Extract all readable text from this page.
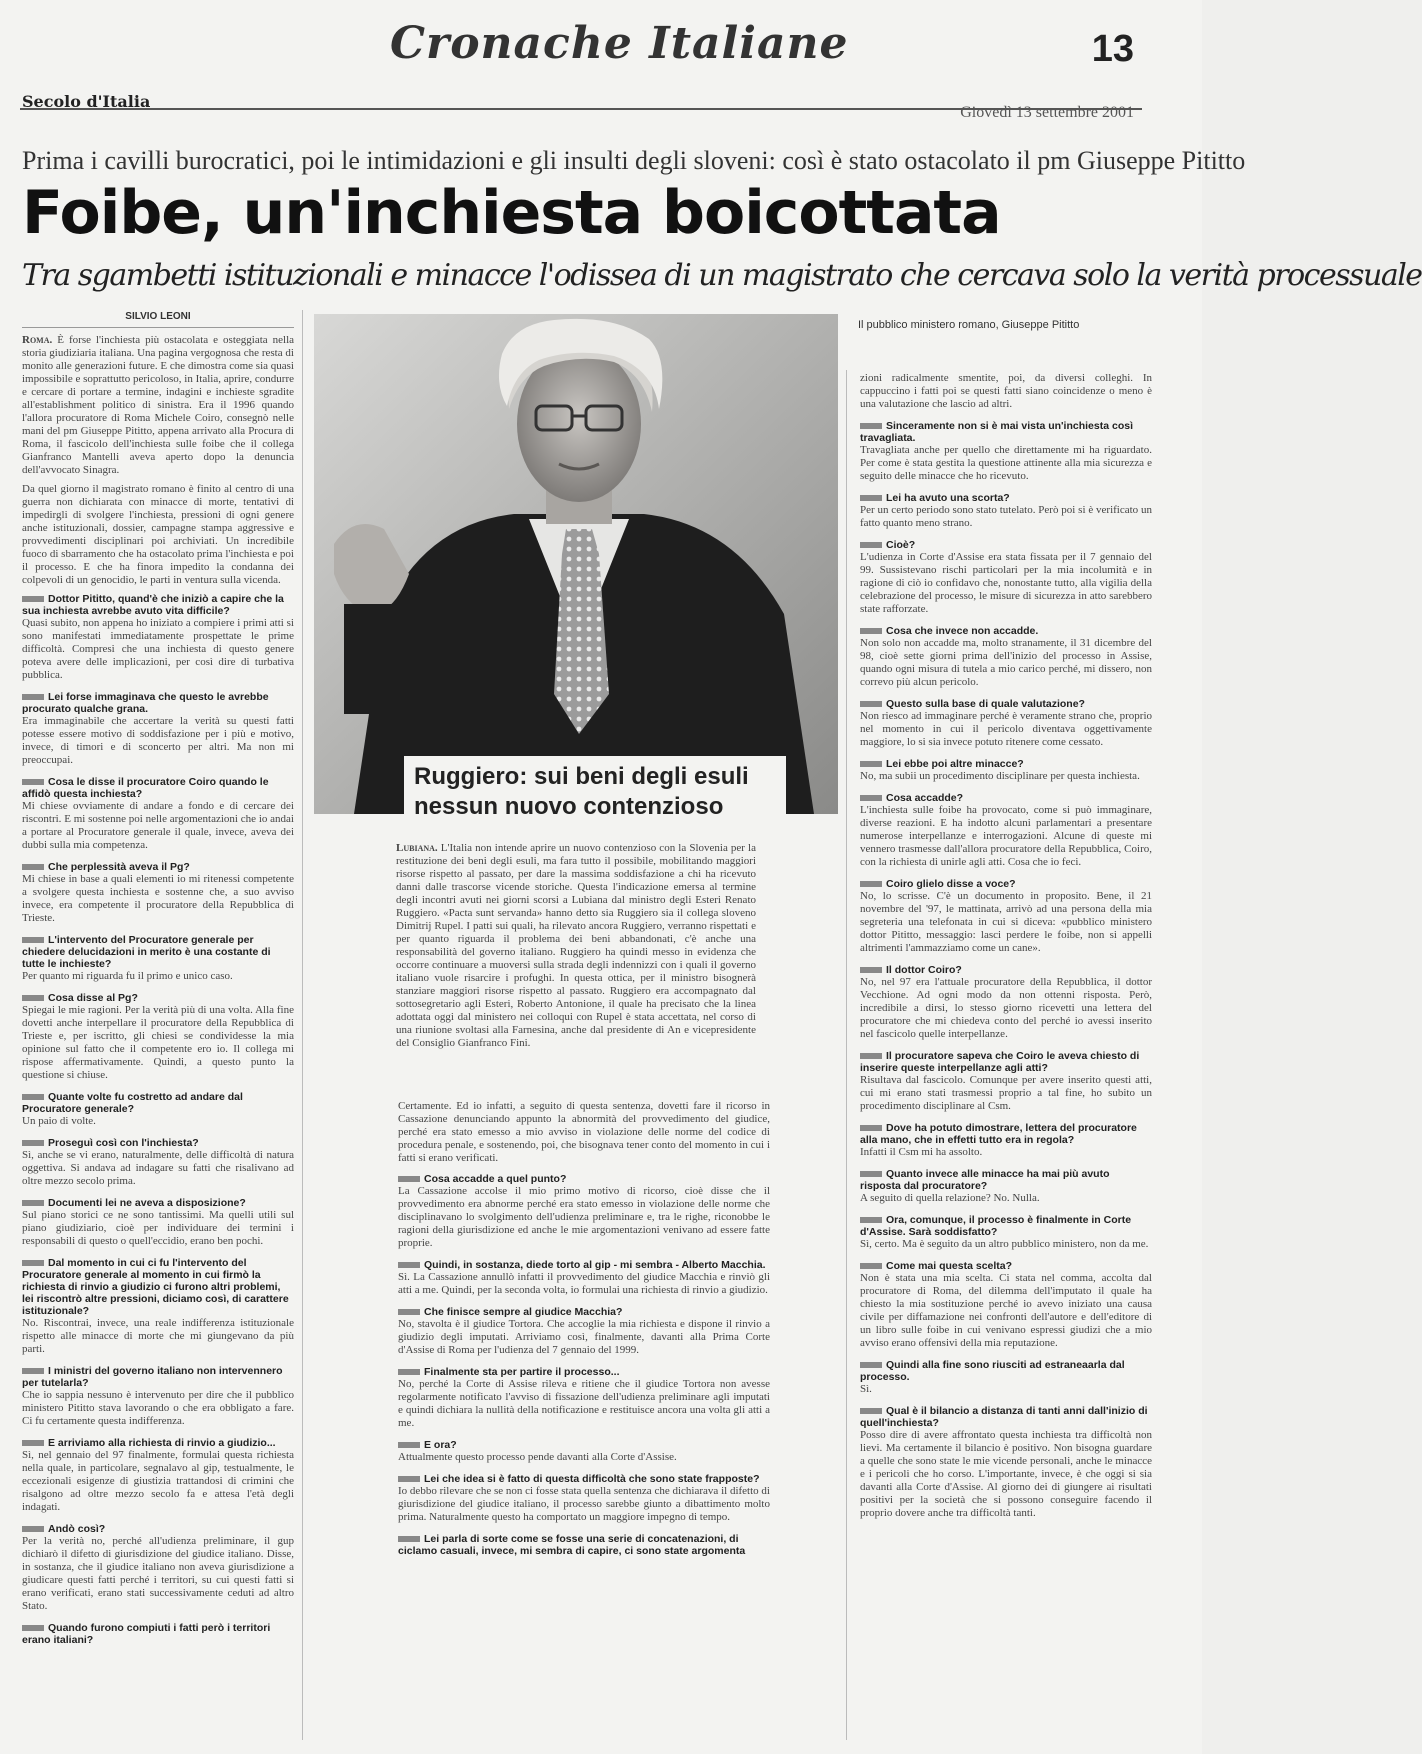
Cronache Italiane	13
Secolo d'Italia
Giovedì 13 settembre 2001
Prima i cavilli burocratici, poi le intimidazioni e gli insulti degli sloveni: così è stato ostacolato il pm Giuseppe Pititto
Foibe, un'inchiesta boicottata
Tra sgambetti istituzionali e minacce l'odissea di un magistrato che cercava solo la verità processuale
SILVIO LEONI

Roma. È forse l'inchiesta più ostacolata e osteggiata nella storia giudiziaria italiana. Una pagina vergognosa che resta di monito alle generazioni future. E che dimostra come sia quasi impossibile e soprattutto pericoloso, in Italia, aprire, condurre e cercare di portare a termine, indagini e inchieste sgradite all'establishment politico di sinistra. Era il 1996 quando l'allora procuratore di Roma Michele Coiro, consegnò nelle mani del pm Giuseppe Pititto, appena arrivato alla Procura di Roma, il fascicolo dell'inchiesta sulle foibe che il collega Gianfranco Mantelli aveva aperto dopo la denuncia dell'avvocato Sinagra.

Da quel giorno il magistrato romano è finito al centro di una guerra non dichiarata con minacce di morte, tentativi di impedirgli di svolgere l'inchiesta, pressioni di ogni genere anche istituzionali, dossier, campagne stampa aggressive e provvedimenti disciplinari poi archiviati. Un incredibile fuoco di sbarramento che ha ostacolato prima l'inchiesta e poi il processo. E che ha finora impedito la condanna dei colpevoli di un genocidio, le parti in ventura sulla vicenda.

Dottor Pititto, quand'è che iniziò a capire che la sua inchiesta avrebbe avuto vita difficile?
Quasi subito, non appena ho iniziato a compiere i primi atti si sono manifestati immediatamente prospettate le prime difficoltà. Compresi che una inchiesta di questo genere poteva avere delle implicazioni, per così dire di turbativa pubblica.
Lei forse immaginava che questo le avrebbe procurato qualche grana.
Era immaginabile che accertare la verità su questi fatti potesse essere motivo di soddisfazione per i più e motivo, invece, di timori e di sconcerto per altri. Ma non mi preoccupai.
Cosa le disse il procuratore Coiro quando le affidò questa inchiesta?
Mi chiese ovviamente di andare a fondo e di cercare dei riscontri. E mi sostenne poi nelle argomentazioni che io andai a portare al Procuratore generale il quale, invece, aveva dei dubbi sulla mia competenza.
Che perplessità aveva il Pg?
Mi chiese in base a quali elementi io mi ritenessi competente a svolgere questa inchiesta e sostenne che, a suo avviso invece, era competente il procuratore della Repubblica di Trieste.
L'intervento del Procuratore generale per chiedere delucidazioni in merito è una costante di tutte le inchieste?
Per quanto mi riguarda fu il primo e unico caso.
Cosa disse al Pg?
Spiegai le mie ragioni. Per la verità più di una volta. Alla fine dovetti anche interpellare il procuratore della Repubblica di Trieste e, per iscritto, gli chiesi se condividesse la mia opinione sul fatto che il competente ero io. Il collega mi rispose affermativamente. Quindi, a questo punto la questione si chiuse.
Quante volte fu costretto ad andare dal Procuratore generale?
Un paio di volte.
Proseguì così con l'inchiesta?
Sì, anche se vi erano, naturalmente, delle difficoltà di natura oggettiva. Si andava ad indagare su fatti che risalivano ad oltre mezzo secolo prima.
Documenti lei ne aveva a disposizione?
Sul piano storici ce ne sono tantissimi. Ma quelli utili sul piano giudiziario, cioè per individuare dei termini i responsabili di questo o quell'eccidio, erano ben pochi.
Dal momento in cui ci fu l'intervento del Procuratore generale al momento in cui firmò la richiesta di rinvio a giudizio ci furono altri problemi, lei riscontrò altre pressioni, diciamo così, di carattere istituzionale?
No. Riscontrai, invece, una reale indifferenza istituzionale rispetto alle minacce di morte che mi giungevano da più parti.
I ministri del governo italiano non intervennero per tutelarla?
Che io sappia nessuno è intervenuto per dire che il pubblico ministero Pititto stava lavorando o che era obbligato a fare. Ci fu certamente questa indifferenza.
E arriviamo alla richiesta di rinvio a giudizio...
Sì, nel gennaio del 97 finalmente, formulai questa richiesta nella quale, in particolare, segnalavo al gip, testualmente, le eccezionali esigenze di giustizia trattandosi di crimini che risalgono ad oltre mezzo secolo fa e attesa l'età degli indagati.
Andò così?
Per la verità no, perché all'udienza preliminare, il gup dichiarò il difetto di giurisdizione del giudice italiano. Disse, in sostanza, che il giudice italiano non aveva giurisdizione a giudicare questi fatti perché i territori, su cui questi fatti si erano verificati, erano stati successivamente ceduti ad altro Stato.
Quando furono compiuti i fatti però i territori erano italiani?
Il pubblico ministero romano, Giuseppe Pititto
Ruggiero: sui beni degli esuli nessun nuovo contenzioso
Lubiana. L'Italia non intende aprire un nuovo contenzioso con la Slovenia per la restituzione dei beni degli esuli, ma fara tutto il possibile, mobilitando maggiori risorse rispetto al passato, per dare la massima soddisfazione a chi ha ricevuto danni dalle trascorse vicende storiche. Questa l'indicazione emersa al termine degli incontri avuti nei giorni scorsi a Lubiana dal ministro degli Esteri Renato Ruggiero. «Pacta sunt servanda» hanno detto sia Ruggiero sia il collega sloveno Dimitrij Rupel. I patti sui quali, ha rilevato ancora Ruggiero, verranno rispettati e per quanto riguarda il problema dei beni abbandonati, c'è anche una responsabilità del governo italiano. Ruggiero ha quindi messo in evidenza che occorre continuare a muoversi sulla strada degli indennizzi con i quali il governo italiano vuole risarcire i profughi. In questa ottica, per il ministro bisognerà stanziare maggiori risorse rispetto al passato. Ruggiero era accompagnato dal sottosegretario agli Esteri, Roberto Antonione, il quale ha precisato che la linea adottata oggi dal ministero nei colloqui con Rupel è stata accettata, nel corso di una riunione svoltasi alla Farnesina, anche dal presidente di An e vicepresidente del Consiglio Gianfranco Fini.

Certamente. Ed io infatti, a seguito di questa sentenza, dovetti fare il ricorso in Cassazione denunciando appunto la abnormità del provvedimento del giudice, perché era stato emesso a mio avviso in violazione delle norme del codice di procedura penale, e sostenendo, poi, che bisognava tener conto del momento in cui i fatti si erano verificati.

Cosa accadde a quel punto?
La Cassazione accolse il mio primo motivo di ricorso, cioè disse che il provvedimento era abnorme perché era stato emesso in violazione delle norme che disciplinavano lo svolgimento dell'udienza preliminare e, tra le righe, riconobbe le ragioni della giurisdizione ed anche le mie argomentazioni venivano ad essere fatte proprie.
Quindi, in sostanza, diede torto al gip - mi sembra - Alberto Macchia.
Sì. La Cassazione annullò infatti il provvedimento del giudice Macchia e rinviò gli atti a me. Quindi, per la seconda volta, io formulai una richiesta di rinvio a giudizio.
Che finisce sempre al giudice Macchia?
No, stavolta è il giudice Tortora. Che accoglie la mia richiesta e dispone il rinvio a giudizio degli imputati. Arriviamo così, finalmente, davanti alla Prima Corte d'Assise di Roma per l'udienza del 7 gennaio del 1999.
Finalmente sta per partire il processo...
No, perché la Corte di Assise rileva e ritiene che il giudice Tortora non avesse regolarmente notificato l'avviso di fissazione dell'udienza preliminare agli imputati e quindi dichiara la nullità della notificazione e restituisce ancora una volta gli atti a me.
E ora?
Attualmente questo processo pende davanti alla Corte d'Assise.
Lei che idea si è fatto di questa difficoltà che sono state frapposte?
Io debbo rilevare che se non ci fosse stata quella sentenza che dichiarava il difetto di giurisdizione del giudice italiano, il processo sarebbe giunto a dibattimento molto prima. Naturalmente questo ha comportato un maggiore impegno di tempo.
Lei parla di sorte come se fosse una serie di concatenazioni, di ciclamo casuali, invece, mi sembra di capire, ci sono state argomenta
zioni radicalmente smentite, poi, da diversi colleghi. In cappuccino i fatti poi se questi fatti siano coincidenze o meno è una valutazione che lascio ad altri.
Sinceramente non si è mai vista un'inchiesta così travagliata.
Travagliata anche per quello che direttamente mi ha riguardato. Per come è stata gestita la questione attinente alla mia sicurezza e seguito delle minacce che ho ricevuto.
Lei ha avuto una scorta?
Per un certo periodo sono stato tutelato. Però poi si è verificato un fatto quanto meno strano.
Cioè?
L'udienza in Corte d'Assise era stata fissata per il 7 gennaio del 99. Sussistevano rischi particolari per la mia incolumità e in ragione di ciò io confidavo che, nonostante tutto, alla vigilia della celebrazione del processo, le misure di sicurezza in atto sarebbero state rafforzate.
Cosa che invece non accadde.
Non solo non accadde ma, molto stranamente, il 31 dicembre del 98, cioè sette giorni prima dell'inizio del processo in Assise, quando ogni misura di tutela a mio carico perché, mi dissero, non correvo più alcun pericolo.
Questo sulla base di quale valutazione?
Non riesco ad immaginare perché è veramente strano che, proprio nel momento in cui il pericolo diventava oggettivamente maggiore, lo si sia invece potuto ritenere come cessato.
Lei ebbe poi altre minacce?
No, ma subii un procedimento disciplinare per questa inchiesta.
Cosa accadde?
L'inchiesta sulle foibe ha provocato, come si può immaginare, diverse reazioni. E ha indotto alcuni parlamentari a presentare numerose interpellanze e interrogazioni. Alcune di queste mi vennero trasmesse dall'allora procuratore della Repubblica, Coiro, con la richiesta di unirle agli atti. Cosa che io feci.
Coiro glielo disse a voce?
No, lo scrisse. C'è un documento in proposito. Bene, il 21 novembre del '97, le mattinata, arrivò ad una persona della mia segreteria una telefonata in cui si diceva: «pubblico ministero dottor Pititto, messaggio: lasci perdere le foibe, non si appelli altrimenti l'ammazziamo come un cane».
Il dottor Coiro?
No, nel 97 era l'attuale procuratore della Repubblica, il dottor Vecchione. Ad ogni modo da non ottenni risposta. Però, incredibile a dirsi, lo stesso giorno ricevetti una lettera del procuratore che mi chiedeva conto del perché io avessi inserito nel fascicolo quelle interpellanze.
Il procuratore sapeva che Coiro le aveva chiesto di inserire queste interpellanze agli atti?
Risultava dal fascicolo. Comunque per avere inserito questi atti, cui mi erano stati trasmessi proprio a tal fine, ho subito un procedimento disciplinare al Csm.
Dove ha potuto dimostrare, lettera del procuratore alla mano, che in effetti tutto era in regola?
Infatti il Csm mi ha assolto.
Quanto invece alle minacce ha mai più avuto risposta dal procuratore?
A seguito di quella relazione? No. Nulla.
Ora, comunque, il processo è finalmente in Corte d'Assise. Sarà soddisfatto?
Sì, certo. Ma è seguito da un altro pubblico ministero, non da me.
Come mai questa scelta?
Non è stata una mia scelta. Ci stata nel comma, accolta dal procuratore di Roma, del dilemma dell'imputato il quale ha chiesto la mia sostituzione perché io avevo iniziato una causa civile per diffamazione nei confronti dell'autore e dell'editore di un libro sulle foibe in cui venivano espressi giudizi che a mio avviso erano offensivi della mia reputazione.
Quindi alla fine sono riusciti ad estraneaarla dal processo.
Sì.
Qual è il bilancio a distanza di tanti anni dall'inizio di quell'inchiesta?
Posso dire di avere affrontato questa inchiesta tra difficoltà non lievi. Ma certamente il bilancio è positivo. Non bisogna guardare a quelle che sono state le mie vicende personali, anche le minacce e i pericoli che ho corso. L'importante, invece, è che oggi si sia davanti alla Corte d'Assise. Al giorno dei di giungere ai risultati positivi per la società che si possono conseguire facendo il proprio dovere anche tra difficoltà tanti.
